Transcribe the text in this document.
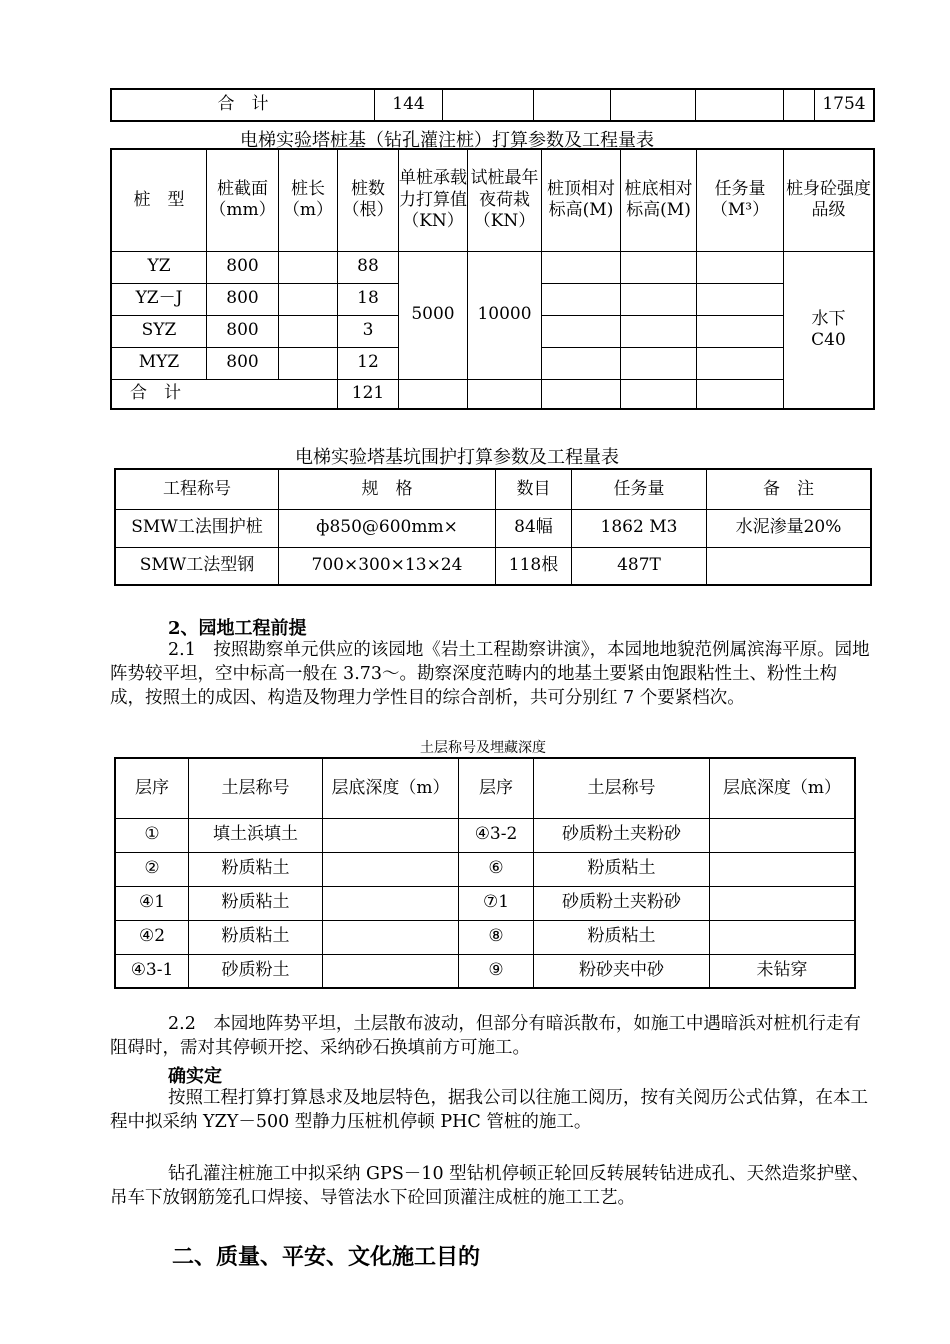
合　计	144						1754
电梯实验塔桩基（钻孔灌注桩）打算参数及工程量表
桩　型	桩截面（mm）	桩长（m）	桩数（根）	单桩承载力打算值（KN）	试桩最年夜荷栽（KN）	桩顶相对标高(M)	桩底相对标高(M)	任务量（M³）	桩身砼强度品级
YZ	800		88	5000	10000				水下C40
YZ－J	800		18						
SYZ	800		3						
MYZ	800		12						
合　计			121						
电梯实验塔基坑围护打算参数及工程量表
工程称号	规　格	数目	任务量	备　注
SMW工法围护桩	ф850@600mm×	84幅	1862 M3	水泥渗量20%
SMW工法型钢	700×300×13×24	118根	487T	
2、园地工程前提
2.1　按照勘察单元供应的该园地《岩土工程勘察讲演》，本园地地貌范例属滨海平原。园地阵势较平坦，空中标高一般在 3.73～。勘察深度范畴内的地基土要紧由饱跟粘性土、粉性土构成，按照土的成因、构造及物理力学性目的综合剖析，共可分别红 7 个要紧档次。
土层称号及埋藏深度
层序	土层称号	层底深度（m）	层序	土层称号	层底深度（m）
①	填土浜填土		④3-2	砂质粉土夹粉砂	
②	粉质粘土		⑥	粉质粘土	
④1	粉质粘土		⑦1	砂质粉土夹粉砂	
④2	粉质粘土		⑧	粉质粘土	
④3-1	砂质粉土		⑨	粉砂夹中砂	未钻穿
2.2　本园地阵势平坦，土层散布波动，但部分有暗浜散布，如施工中遇暗浜对桩机行走有阻碍时，需对其停顿开挖、采纳砂石换填前方可施工。
确实定
按照工程打算打算恳求及地层特色，据我公司以往施工阅历，按有关阅历公式估算，在本工程中拟采纳 YZY－500 型静力压桩机停顿 PHC 管桩的施工。
钻孔灌注桩施工中拟采纳 GPS－10 型钻机停顿正轮回反转展转钻进成孔、天然造浆护壁、吊车下放钢筋笼孔口焊接、导管法水下砼回顶灌注成桩的施工工艺。
二、质量、平安、文化施工目的
